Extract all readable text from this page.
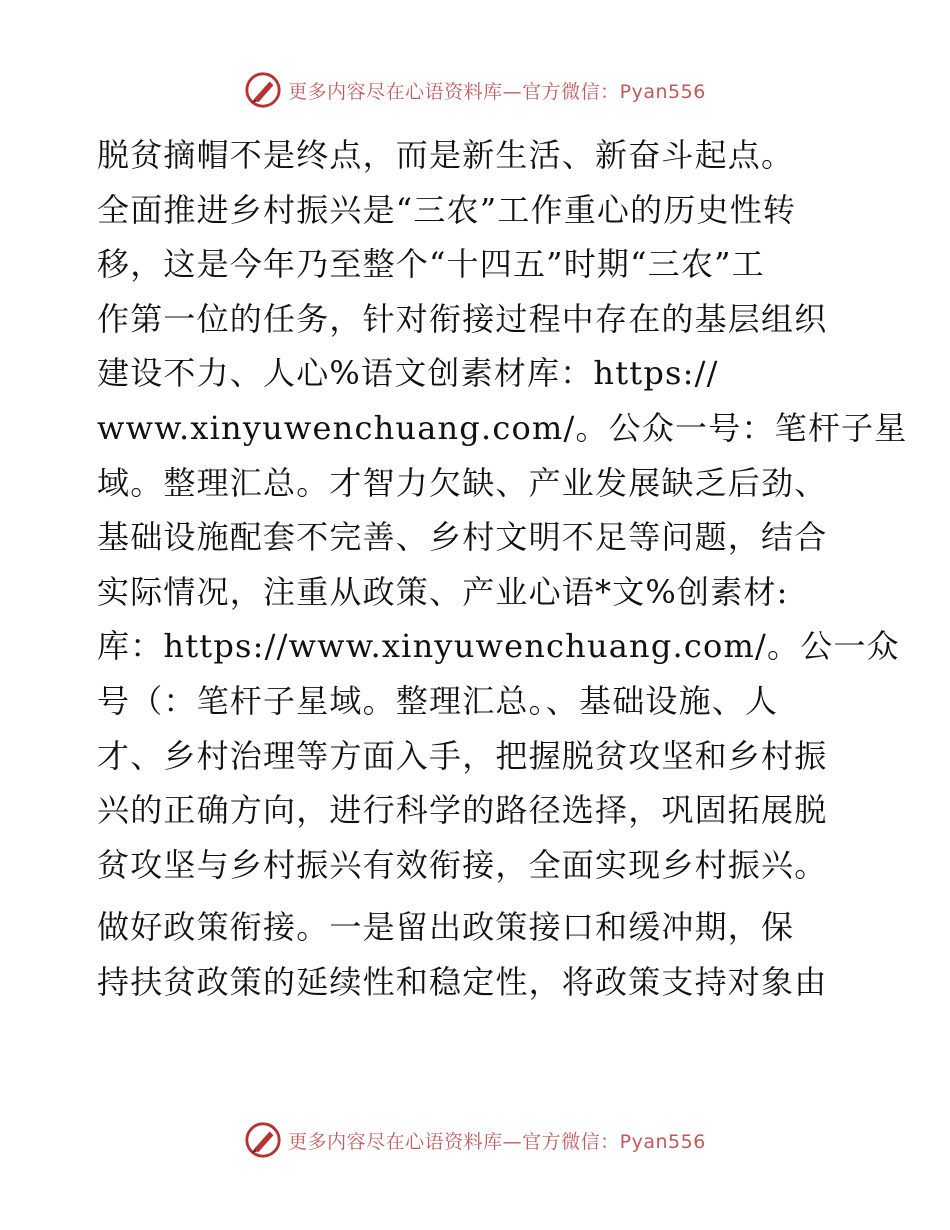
更多内容尽在心语资料库—官方微信：Pyan556
脱贫摘帽不是终点，而是新生活、新奋斗起点。
全面推进乡村振兴是“三农”工作重心的历史性转
移，这是今年乃至整个“十四五”时期“三农”工
作第一位的任务，针对衔接过程中存在的基层组织
建设不力、人心%语文创素材库：https://
www.xinyuwenchuang.com/。公众一号：笔杆子星
域。整理汇总。才智力欠缺、产业发展缺乏后劲、
基础设施配套不完善、乡村文明不足等问题，结合
实际情况，注重从政策、产业心语*文%创素材:
库：https://www.xinyuwenchuang.com/。公一众
号（：笔杆子星域。整理汇总。、基础设施、人
才、乡村治理等方面入手，把握脱贫攻坚和乡村振
兴的正确方向，进行科学的路径选择，巩固拓展脱
贫攻坚与乡村振兴有效衔接，全面实现乡村振兴。
做好政策衔接。一是留出政策接口和缓冲期，保
持扶贫政策的延续性和稳定性，将政策支持对象由
更多内容尽在心语资料库—官方微信：Pyan556
